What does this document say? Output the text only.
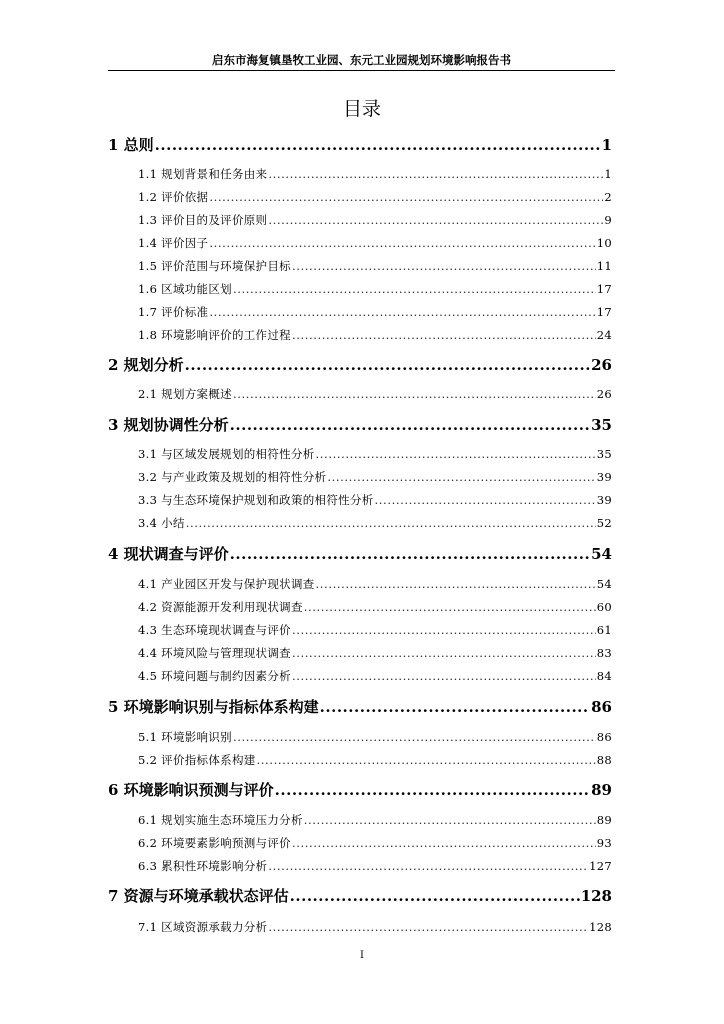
启东市海复镇垦牧工业园、东元工业园规划环境影响报告书
目录
1 总则 .....	1
1.1 规划背景和任务由来 .....	1
1.2 评价依据 .....	2
1.3 评价目的及评价原则 .....	9
1.4 评价因子 .....	10
1.5 评价范围与环境保护目标 .....	11
1.6 区域功能区划 .....	17
1.7 评价标准 .....	17
1.8 环境影响评价的工作过程 .....	24
2 规划分析 .....	26
2.1 规划方案概述 .....	26
3 规划协调性分析 .....	35
3.1 与区域发展规划的相符性分析 .....	35
3.2 与产业政策及规划的相符性分析 .....	39
3.3 与生态环境保护规划和政策的相符性分析 .....	39
3.4 小结 .....	52
4 现状调查与评价 .....	54
4.1 产业园区开发与保护现状调查 .....	54
4.2 资源能源开发利用现状调查 .....	60
4.3 生态环境现状调查与评价 .....	61
4.4 环境风险与管理现状调查 .....	83
4.5 环境问题与制约因素分析 .....	84
5 环境影响识别与指标体系构建 .....	86
5.1 环境影响识别 .....	86
5.2 评价指标体系构建 .....	88
6 环境影响识预测与评价 .....	89
6.1 规划实施生态环境压力分析 .....	89
6.2 环境要素影响预测与评价 .....	93
6.3 累积性环境影响分析 .....	127
7 资源与环境承载状态评估 .....	128
7.1 区域资源承载力分析 .....	128
I
